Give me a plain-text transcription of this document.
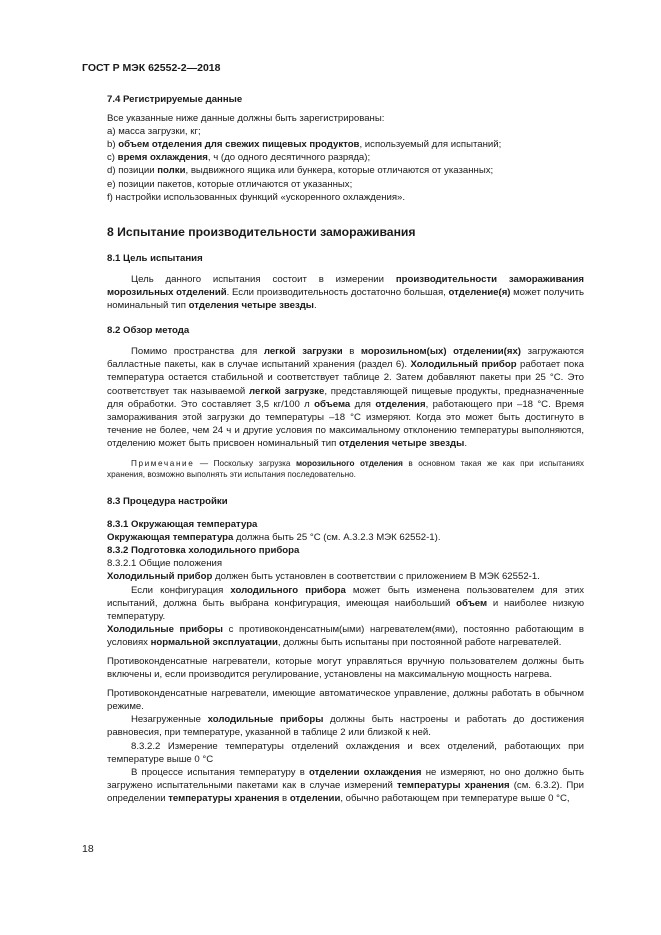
ГОСТ Р МЭК 62552-2—2018

7.4 Регистрируемые данные

Все указанные ниже данные должны быть зарегистрированы:

а) масса загрузки, кг;

b) объем отделения для свежих пищевых продуктов, используемый для испытаний;

с) время охлаждения, ч (до одного десятичного разряда);

d) позиции полки, выдвижного ящика или бункера, которые отличаются от указанных;

е) позиции пакетов, которые отличаются от указанных;

f) настройки использованных функций «ускоренного охлаждения».

8 Испытание производительности замораживания

8.1 Цель испытания

Цель данного испытания состоит в измерении производительности замораживания морозильных отделений. Если производительность достаточно большая, отделение(я) может получить номинальный тип отделения четыре звезды.

8.2 Обзор метода

Помимо пространства для легкой загрузки в морозильном(ых) отделении(ях) загружаются балластные пакеты, как в случае испытаний хранения (раздел 6). Холодильный прибор работает пока температура остается стабильной и соответствует таблице 2. Затем добавляют пакеты при 25 °С. Это соответствует так называемой легкой загрузке, представляющей пищевые продукты, предназначенные для обработки. Это составляет 3,5 кг/100 л объема для отделения, работающего при –18 °С. Время замораживания этой загрузки до температуры –18 °С измеряют. Когда это может быть достигнуто в течение не более, чем 24 ч и другие условия по максимальному отклонению температуры выполняются, отделению может быть присвоен номинальный тип отделения четыре звезды.

Примечание — Поскольку загрузка морозильного отделения в основном такая же как при испытаниях хранения, возможно выполнять эти испытания последовательно.

8.3 Процедура настройки

8.3.1 Окружающая температура

Окружающая температура должна быть 25 °С (см. А.3.2.3 МЭК 62552-1).

8.3.2 Подготовка холодильного прибора

8.3.2.1 Общие положения

Холодильный прибор должен быть установлен в соответствии с приложением В МЭК 62552-1.

Если конфигурация холодильного прибора может быть изменена пользователем для этих испытаний, должна быть выбрана конфигурация, имеющая наибольший объем и наиболее низкую температуру.

Холодильные приборы с противоконденсатным(ыми) нагревателем(ями), постоянно работающим в условиях нормальной эксплуатации, должны быть испытаны при постоянной работе нагревателей.

Противоконденсатные нагреватели, которые могут управляться вручную пользователем должны быть включены и, если производится регулирование, установлены на максимальную мощность нагрева.

Противоконденсатные нагреватели, имеющие автоматическое управление, должны работать в обычном режиме.

Незагруженные холодильные приборы должны быть настроены и работать до достижения равновесия, при температуре, указанной в таблице 2 или близкой к ней.

8.3.2.2 Измерение температуры отделений охлаждения и всех отделений, работающих при температуре выше 0 °С

В процессе испытания температуру в отделении охлаждения не измеряют, но оно должно быть загружено испытательными пакетами как в случае измерений температуры хранения (см. 6.3.2). При определении температуры хранения в отделении, обычно работающем при температуре выше 0 °С,

18
